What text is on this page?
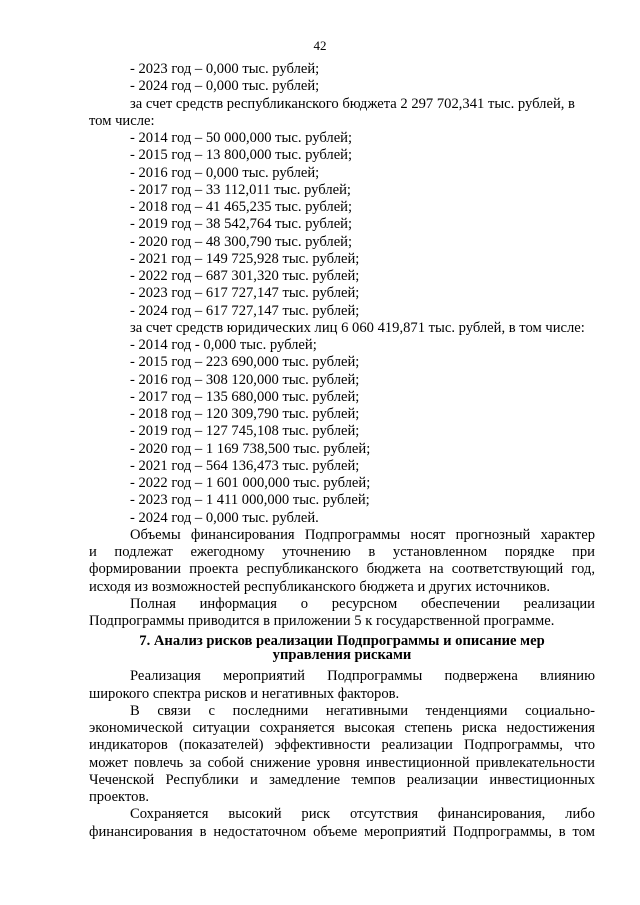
42
- 2023 год – 0,000 тыс. рублей;
- 2024 год – 0,000 тыс. рублей;
за счет средств республиканского бюджета 2 297 702,341 тыс. рублей, в
том числе:
- 2014 год – 50 000,000 тыс. рублей;
- 2015 год – 13 800,000 тыс. рублей;
- 2016 год – 0,000 тыс. рублей;
- 2017 год – 33 112,011 тыс. рублей;
- 2018 год – 41 465,235 тыс. рублей;
- 2019 год – 38 542,764 тыс. рублей;
- 2020 год – 48 300,790 тыс. рублей;
- 2021 год – 149 725,928 тыс. рублей;
- 2022 год – 687 301,320 тыс. рублей;
- 2023 год – 617 727,147 тыс. рублей;
- 2024 год – 617 727,147 тыс. рублей;
за счет средств юридических лиц 6 060 419,871 тыс. рублей, в том числе:
- 2014 год - 0,000 тыс. рублей;
- 2015 год – 223 690,000 тыс. рублей;
- 2016 год – 308 120,000 тыс. рублей;
- 2017 год – 135 680,000 тыс. рублей;
- 2018 год – 120 309,790 тыс. рублей;
- 2019 год – 127 745,108 тыс. рублей;
- 2020 год – 1 169 738,500 тыс. рублей;
- 2021 год – 564 136,473 тыс. рублей;
- 2022 год – 1 601 000,000 тыс. рублей;
- 2023 год – 1 411 000,000 тыс. рублей;
- 2024 год – 0,000 тыс. рублей.
Объемы финансирования Подпрограммы носят прогнозный характер
и подлежат ежегодному уточнению в установленном порядке при
формировании проекта республиканского бюджета на соответствующий год,
исходя из возможностей республиканского бюджета и других источников.
Полная информация о ресурсном обеспечении реализации
Подпрограммы приводится в приложении 5 к государственной программе.
7. Анализ рисков реализации Подпрограммы и описание мер
управления рисками
Реализация мероприятий Подпрограммы подвержена влиянию
широкого спектра рисков и негативных факторов.
В связи с последними негативными тенденциями социально-
экономической ситуации сохраняется высокая степень риска недостижения
индикаторов (показателей) эффективности реализации Подпрограммы, что
может повлечь за собой снижение уровня инвестиционной привлекательности
Чеченской Республики и замедление темпов реализации инвестиционных
проектов.
Сохраняется высокий риск отсутствия финансирования, либо
финансирования в недостаточном объеме мероприятий Подпрограммы, в том
